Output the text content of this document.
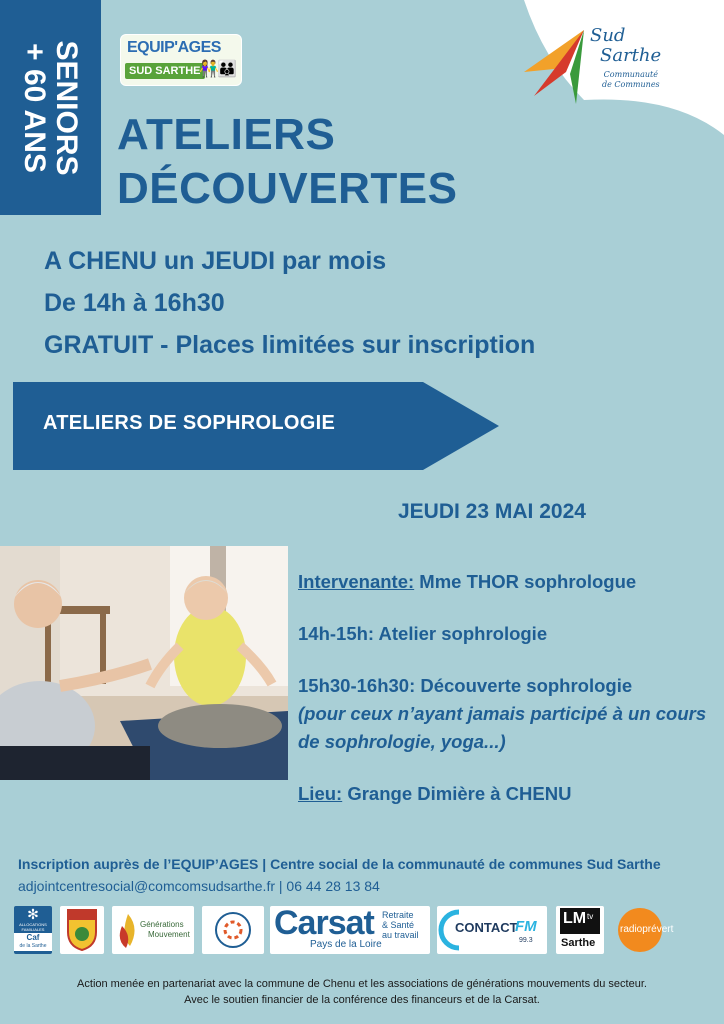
SENIORS
+ 60 ANS
Sud
Sarthe
Communauté
de Communes
EQUIP'AGES
SUD SARTHE
👫👪
ATELIERS
DÉCOUVERTES
A CHENU un JEUDI par mois
De 14h à 16h30
GRATUIT - Places limitées sur inscription
ATELIERS DE SOPHROLOGIE
JEUDI 23 MAI 2024

Intervenante: Mme THOR sophrologue

14h-15h: Atelier sophrologie

15h30-16h30: Découverte sophrologie

(pour ceux n’ayant jamais participé à un cours de sophrologie, yoga...)

Lieu: Grange Dimière à CHENU

Inscription auprès de l’EQUIP’AGES | Centre social de la communauté de communes Sud Sarthe
adjointcentresocial@comcomsudsarthe.fr | 06 44 28 13 84
✻
ALLOCATIONS
FAMILIALES
Caf
de la Sarthe
Générations
Mouvement Carsat Retraite
& Santé
au travail
Pays de la Loire
CONTACT
FM
99.3
LM tv
Sarthe
radioprévert
Action menée en partenariat avec la commune de Chenu et les associations de générations mouvements du secteur.
Avec le soutien financier de la conférence des financeurs et de la Carsat.
